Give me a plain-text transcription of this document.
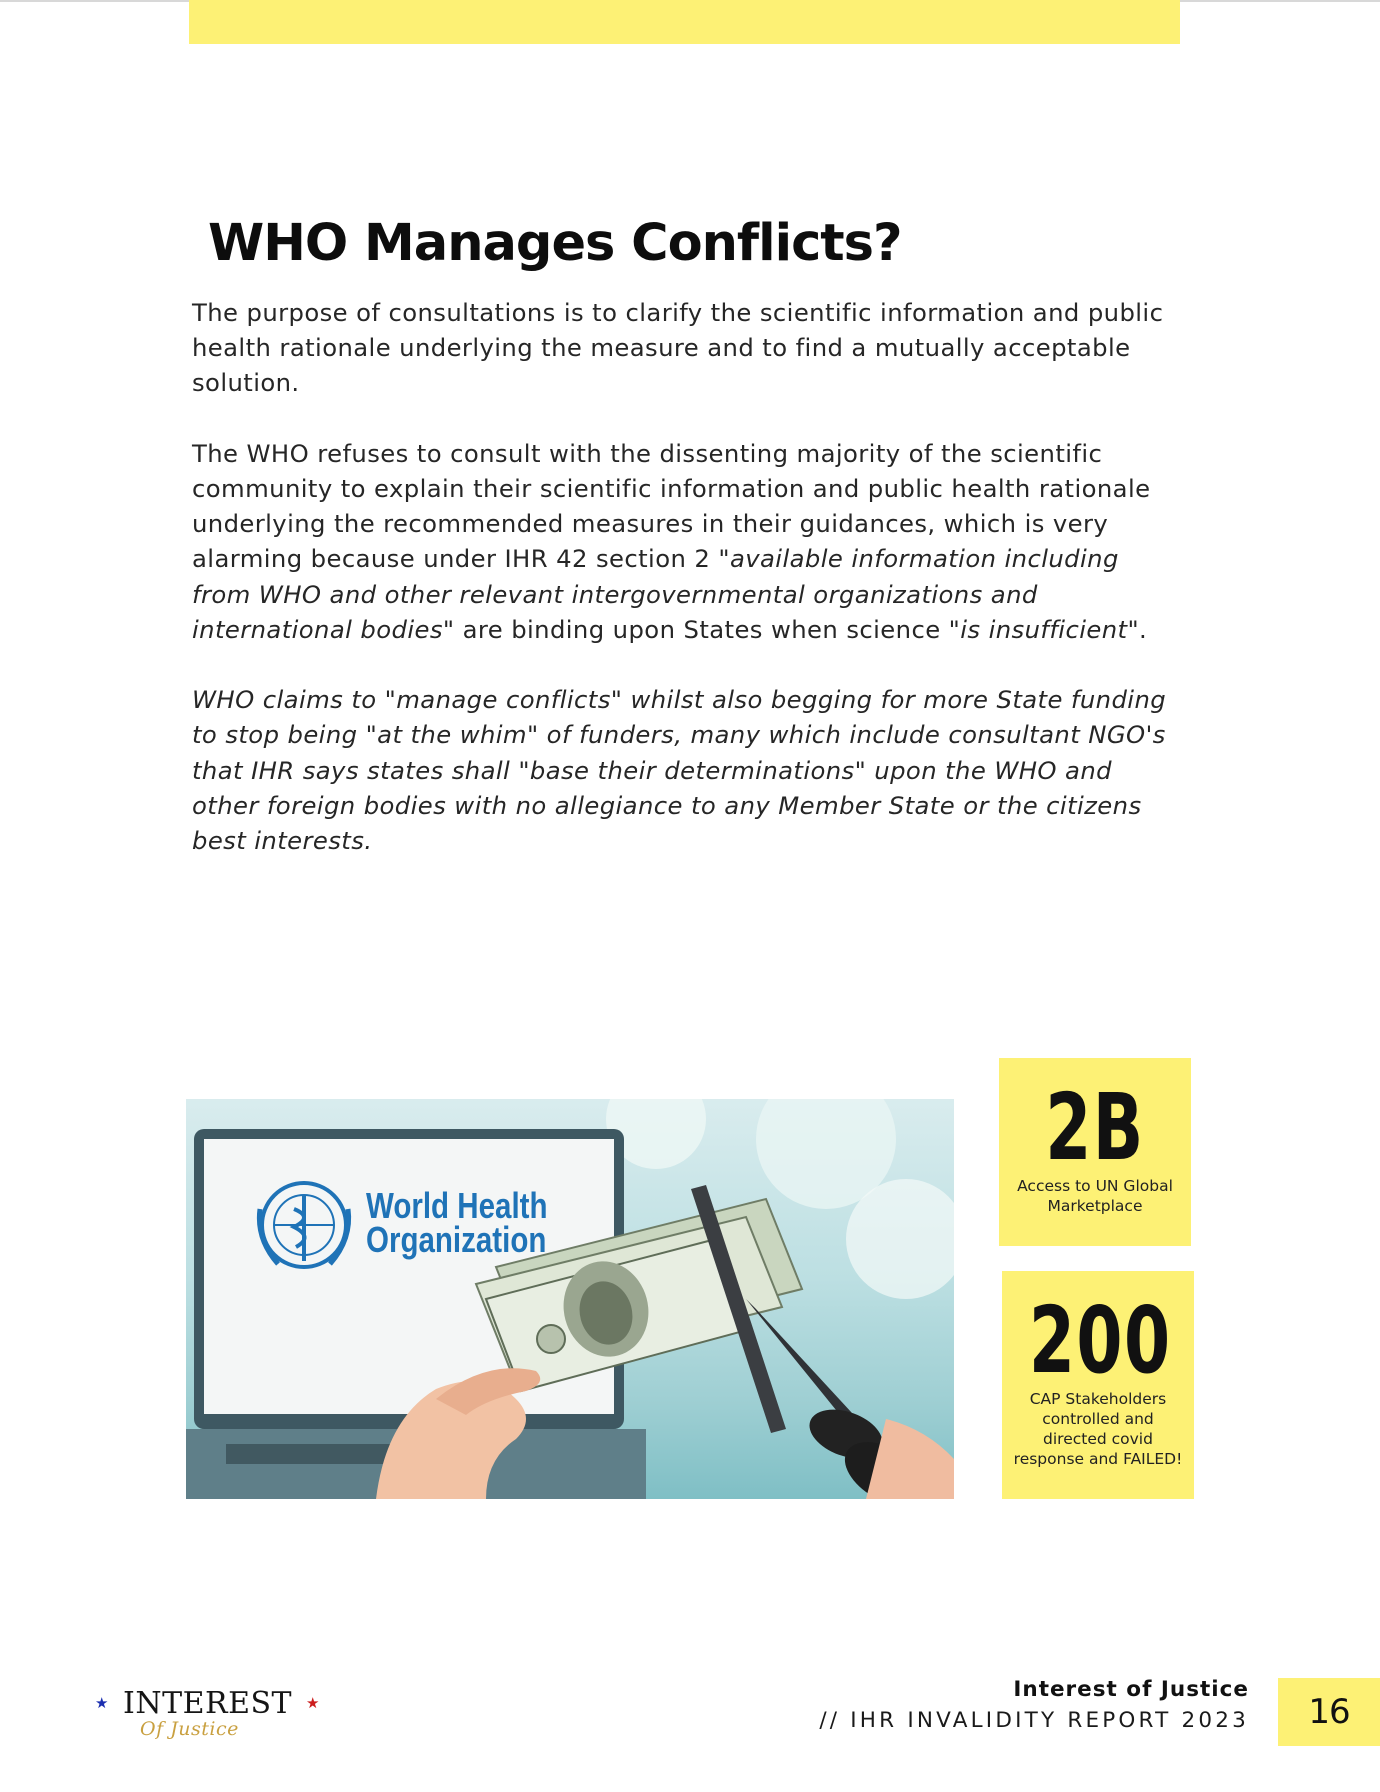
WHO Manages Conflicts?

The purpose of consultations is to clarify the scientific information and public health rationale underlying the measure and to find a mutually acceptable solution.

The WHO refuses to consult with the dissenting majority of the scientific community to explain their scientific information and public health rationale underlying the recommended measures in their guidances, which is very alarming because under IHR 42 section 2 "available information including from WHO and other relevant intergovernmental organizations and international bodies" are binding upon States when science "is insufficient".

WHO claims to "manage conflicts" whilst also begging for more State funding to stop being "at the whim" of funders, many which include consultant NGO's that IHR says states shall "base their determinations" upon the WHO and other foreign bodies with no allegiance to any Member State or the citizens best interests.

World Health
Organization
2B
Access to UN Global Marketplace
200
CAP Stakeholders controlled and directed covid response and FAILED!
★ INTEREST
Of Justice
★
Interest of Justice
// IHR INVALIDITY REPORT 2023	16
